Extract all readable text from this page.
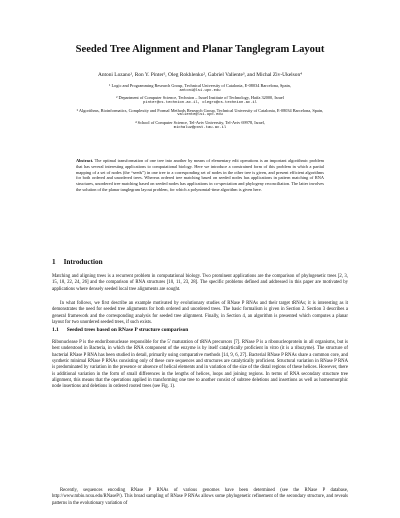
Seeded Tree Alignment and Planar Tanglegram Layout
Antoni Lozano¹, Ron Y. Pinter², Oleg Rokhlenko², Gabriel Valiente³, and Michal Ziv-Ukelson⁴
¹ Logic and Programming Research Group, Technical University of Catalonia, E-08034 Barcelona, Spain,
antoni@lsi.upc.edu
² Department of Computer Science, Technion – Israel Institute of Technology, Haifa 32000, Israel
pinter@cs.technion.ac.il, olegro@cs.technion.ac.il
³ Algorithms, Bioinformatics, Complexity and Formal Methods Research Group, Technical University of Catalonia, E-08034 Barcelona, Spain,
valiente@lsi.upc.edu
⁴ School of Computer Science, Tel-Aviv University, Tel-Aviv 69978, Israel,
michaluz@post.tau.ac.il
Abstract. The optimal transformation of one tree into another by means of elementary edit operations is an important algorithmic problem that has several interesting applications to computational biology. Here we introduce a constrained form of this problem in which a partial mapping of a set of nodes (the “seeds”) in one tree to a corresponding set of nodes in the other tree is given, and present efficient algorithms for both ordered and unordered trees. Whereas ordered tree matching based on seeded nodes has applications in pattern matching of RNA structures, unordered tree matching based on seeded nodes has applications in co-speciation and phylogeny reconciliation. The latter involves the solution of the planar tanglegram layout problem, for which a polynomial-time algorithm is given here.
1 Introduction
Matching and aligning trees is a recurrent problem in computational biology. Two prominent applications are the comparison of phylogenetic trees [2, 3, 15, 18, 22, 24, 26] and the comparison of RNA structures [10, 11, 23, 28]. The specific problems defined and addressed in this paper are motivated by applications where densely seeded local tree alignments are sought.
In what follows, we first describe an example motivated by evolutionary studies of RNase P RNAs and their target tRNAs; it is interesting as it demonstrates the need for seeded tree alignments for both ordered and unordered trees. The basic formalism is given in Section 2. Section 3 describes a general framework and the corresponding analysis for seeded tree alignment. Finally, in Section 4, an algorithm is presented which computes a planar layout for two unordered seeded trees, if such exists.
1.1 Seeded trees based on RNase P structure comparison
Ribonuclease P is the endoribonuclease responsible for the 5′ maturation of tRNA precursors [7]. RNase P is a ribonucleoprotein in all organisms, but is best understood in Bacteria, in which the RNA component of the enzyme is by itself catalytically proficient in vitro (it is a ribozyme). The structure of bacterial RNase P RNA has been studied in detail, primarily using comparative methods [14, 9, 6, 27]. Bacterial RNase P RNAs share a common core, and synthetic minimal RNase P RNAs consisting only of these core sequences and structures are catalytically proficient. Structural variation in RNase P RNA is predominated by variation in the presence or absence of helical elements and in variation of the size of the distal regions of these helices. However, there is additional variation in the form of small differences in the lengths of helices, loops and joining regions. In terms of RNA secondary structure tree alignment, this means that the operations applied in transforming one tree to another consist of subtree deletions and insertions as well as homeomorphic node insertions and deletions in ordered rooted trees (see Fig. 1).
Recently, sequences encoding RNase P RNAs of various genomes have been determined (see the RNase P database, http://www.mbio.ncsu.edu/RNaseP/). This broad sampling of RNase P RNAs allows some phylogenetic refinement of the secondary structure, and reveals patterns in the evolutionary variation of
